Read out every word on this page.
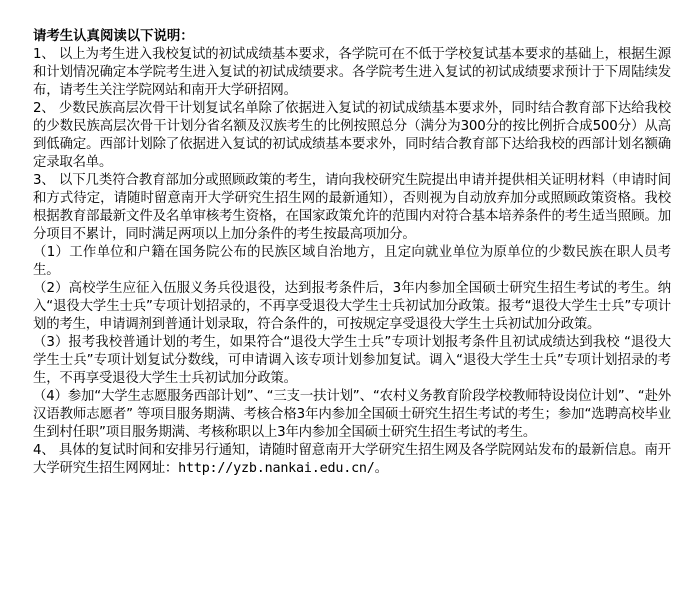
请考生认真阅读以下说明：

1、 以上为考生进入我校复试的初试成绩基本要求，各学院可在不低于学校复试基本要求的基础上，根据生源和计划情况确定本学院考生进入复试的初试成绩要求。各学院考生进入复试的初试成绩要求预计于下周陆续发布，请考生关注学院网站和南开大学研招网。

2、 少数民族高层次骨干计划复试名单除了依据进入复试的初试成绩基本要求外，同时结合教育部下达给我校的少数民族高层次骨干计划分省名额及汉族考生的比例按照总分（满分为300分的按比例折合成500分）从高到低确定。西部计划除了依据进入复试的初试成绩基本要求外，同时结合教育部下达给我校的西部计划名额确定录取名单。

3、 以下几类符合教育部加分或照顾政策的考生，请向我校研究生院提出申请并提供相关证明材料（申请时间和方式待定，请随时留意南开大学研究生招生网的最新通知），否则视为自动放弃加分或照顾政策资格。我校根据教育部最新文件及名单审核考生资格，在国家政策允许的范围内对符合基本培养条件的考生适当照顾。加分项目不累计，同时满足两项以上加分条件的考生按最高项加分。

（1）工作单位和户籍在国务院公布的民族区域自治地方，且定向就业单位为原单位的少数民族在职人员考生。

（2）高校学生应征入伍服义务兵役退役，达到报考条件后，3年内参加全国硕士研究生招生考试的考生。纳入“退役大学生士兵”专项计划招录的，不再享受退役大学生士兵初试加分政策。报考“退役大学生士兵”专项计划的考生，申请调剂到普通计划录取，符合条件的，可按规定享受退役大学生士兵初试加分政策。

（3）报考我校普通计划的考生，如果符合“退役大学生士兵”专项计划报考条件且初试成绩达到我校 “退役大学生士兵”专项计划复试分数线，可申请调入该专项计划参加复试。调入“退役大学生士兵”专项计划招录的考生，不再享受退役大学生士兵初试加分政策。

（4）参加“大学生志愿服务西部计划”、“三支一扶计划”、“农村义务教育阶段学校教师特设岗位计划”、“赴外汉语教师志愿者” 等项目服务期满、考核合格3年内参加全国硕士研究生招生考试的考生；参加“选聘高校毕业生到村任职”项目服务期满、考核称职以上3年内参加全国硕士研究生招生考试的考生。

4、 具体的复试时间和安排另行通知，请随时留意南开大学研究生招生网及各学院网站发布的最新信息。南开大学研究生招生网网址：http://yzb.nankai.edu.cn/。
